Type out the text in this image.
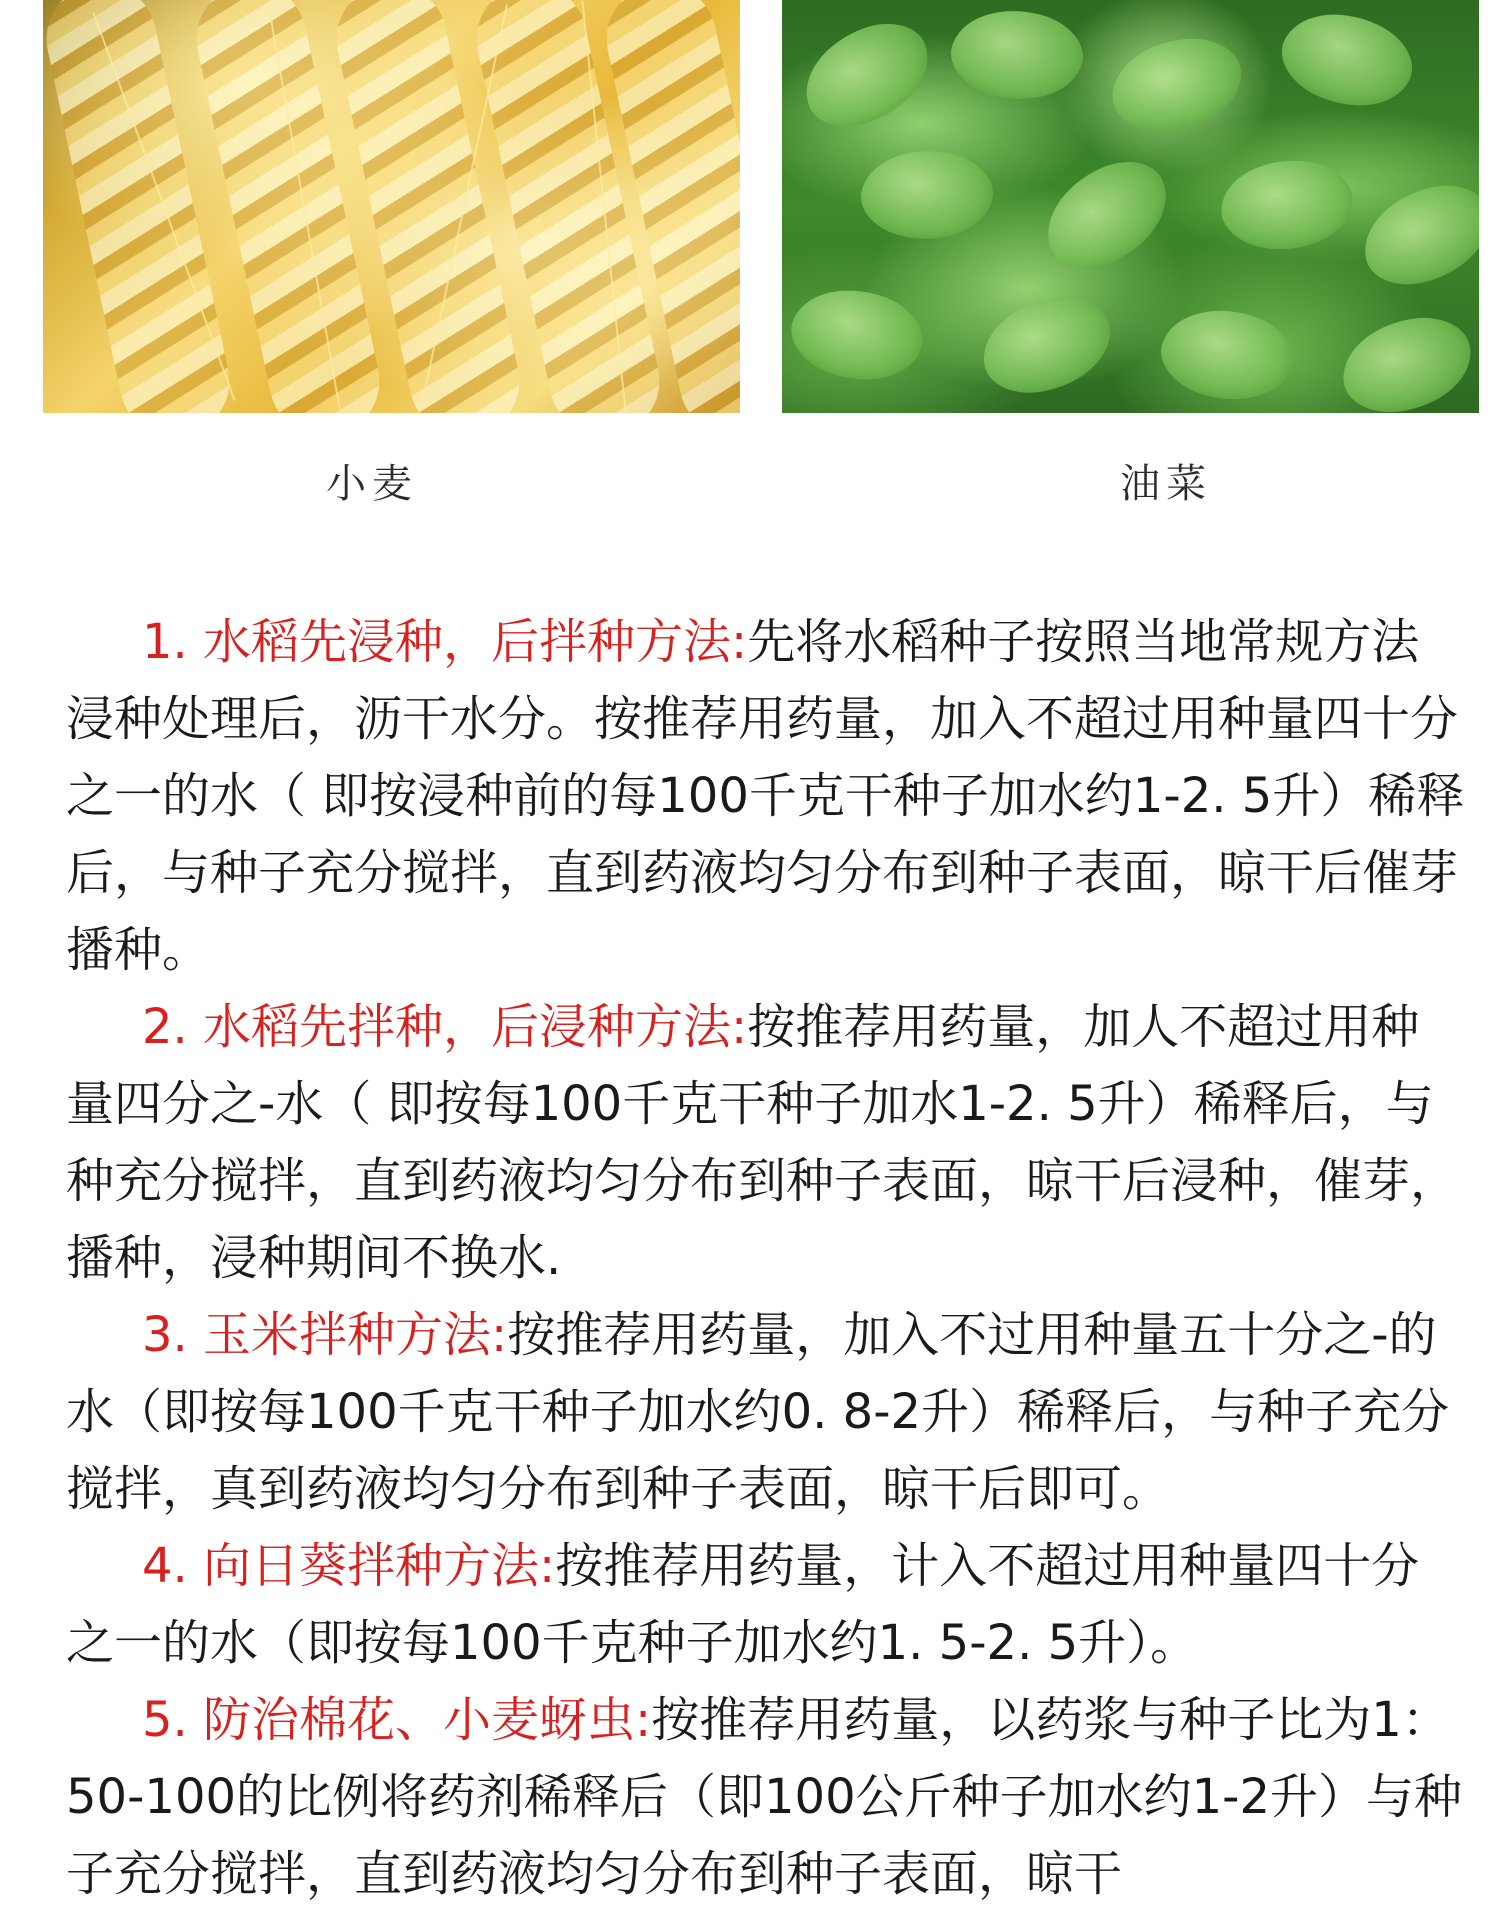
小麦	油菜

1. 水稻先浸种，后拌种方法:先将水稻种子按照当地常规方法浸种处理后，沥干水分。按推荐用药量，加入不超过用种量四十分之一的水（ 即按浸种前的每100千克干种子加水约1-2. 5升）稀释后，与种子充分搅拌，直到药液均匀分布到种子表面，晾干后催芽播种。

2. 水稻先拌种，后浸种方法:按推荐用药量，加人不超过用种量四分之-水（ 即按每100千克干种子加水1-2. 5升）稀释后，与种充分搅拌，直到药液均匀分布到种子表面，晾干后浸种，催芽，播种，浸种期间不换水.

3. 玉米拌种方法:按推荐用药量，加入不过用种量五十分之-的水（即按每100千克干种子加水约0. 8-2升）稀释后，与种子充分搅拌，真到药液均匀分布到种子表面，晾干后即可。

4. 向日葵拌种方法:按推荐用药量，计入不超过用种量四十分之一的水（即按每100千克种子加水约1. 5-2. 5升）。

5. 防治棉花、小麦蚜虫:按推荐用药量，以药浆与种子比为1：50-100的比例将药剂稀释后（即100公斤种子加水约1-2升）与种子充分搅拌，直到药液均匀分布到种子表面，晾干
